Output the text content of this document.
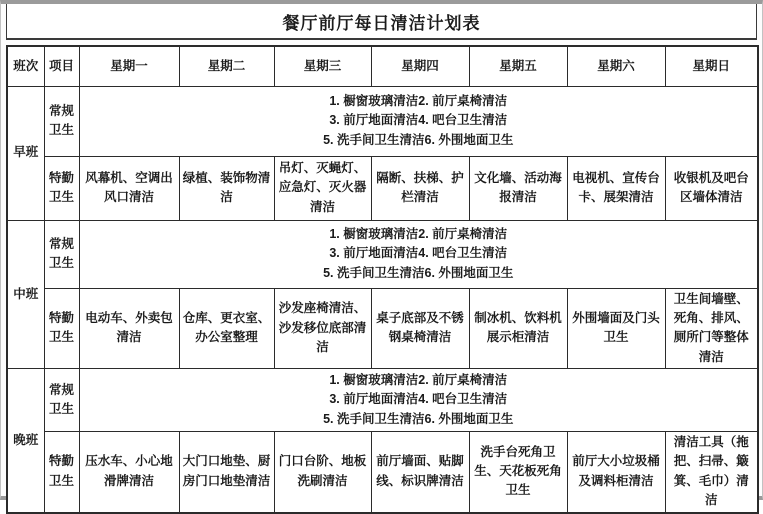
餐厅前厅每日清洁计划表
班次	项目	星期一	星期二	星期三	星期四	星期五	星期六	星期日
早班	常规卫生	1. 橱窗玻璃清洁2. 前厅桌椅清洁
3. 前厅地面清洁4. 吧台卫生清洁
5. 洗手间卫生清洁6. 外围地面卫生						

	特勤卫生	风幕机、空调出风口清洁	绿植、装饰物清洁	吊灯、灭蝇灯、应急灯、灭火器清洁	隔断、扶梯、护栏清洁	文化墙、活动海报清洁	电视机、宣传台卡、展架清洁	收银机及吧台区墙体清洁
中班	常规卫生	1. 橱窗玻璃清洁2. 前厅桌椅清洁
3. 前厅地面清洁4. 吧台卫生清洁
5. 洗手间卫生清洁6. 外围地面卫生						

	特勤卫生	电动车、外卖包清洁	仓库、更衣室、办公室整理	沙发座椅清洁、沙发移位底部清洁	桌子底部及不锈钢桌椅清洁	制冰机、饮料机展示柜清洁	外围墙面及门头卫生	卫生间墙壁、死角、排风、厕所门等整体清洁
晚班	常规卫生	1. 橱窗玻璃清洁2. 前厅桌椅清洁
3. 前厅地面清洁4. 吧台卫生清洁
5. 洗手间卫生清洁6. 外围地面卫生						

	特勤卫生	压水车、小心地滑牌清洁	大门口地垫、厨房门口地垫清洁	门口台阶、地板洗刷清洁	前厅墙面、贴脚线、标识牌清洁	洗手台死角卫生、天花板死角卫生	前厅大小垃圾桶及调料柜清洁	清洁工具（拖把、扫帚、簸箕、毛巾）清洁
